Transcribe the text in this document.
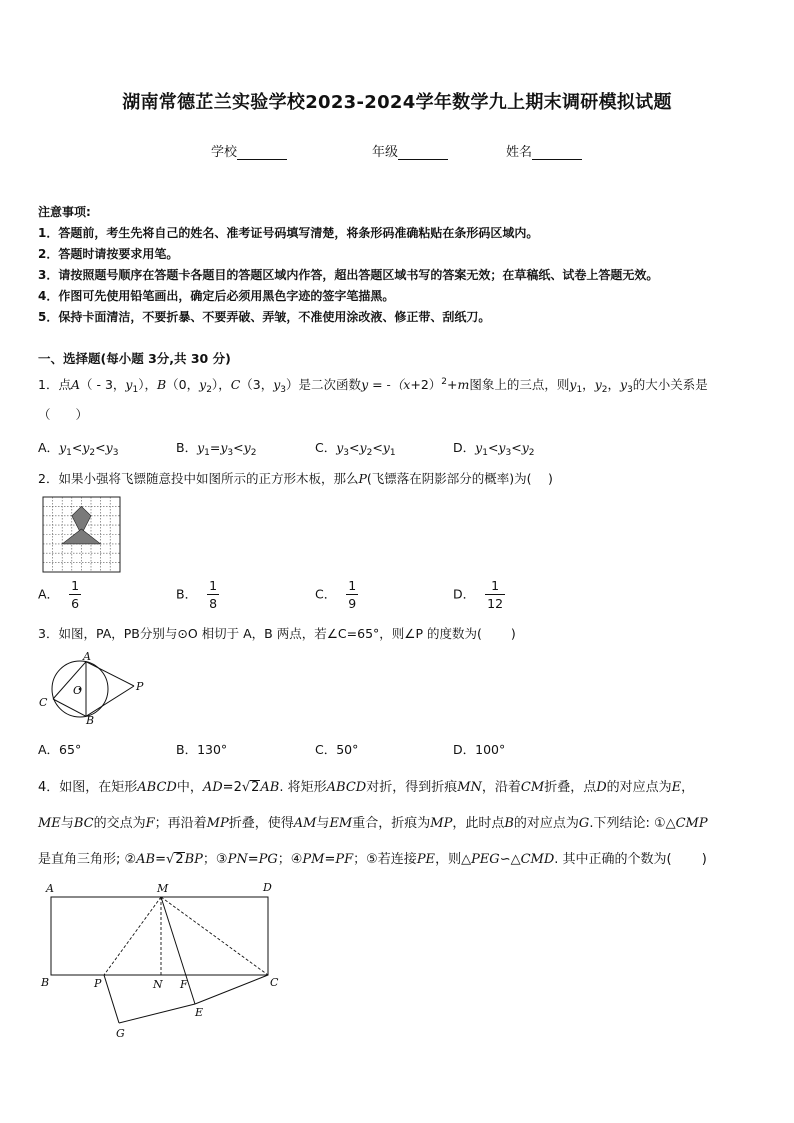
湖南常德芷兰实验学校2023-2024学年数学九上期末调研模拟试题
学校	年级	姓名
注意事项:
1．答题前，考生先将自己的姓名、准考证号码填写清楚，将条形码准确粘贴在条形码区域内。
2．答题时请按要求用笔。
3．请按照题号顺序在答题卡各题目的答题区域内作答，超出答题区域书写的答案无效；在草稿纸、试卷上答题无效。
4．作图可先使用铅笔画出，确定后必须用黑色字迹的签字笔描黑。
5．保持卡面清洁，不要折暴、不要弄破、弄皱，不准使用涂改液、修正带、刮纸刀。
一、选择题(每小题 3分,共 30 分)
1．点A（ - 3，$y_1$），B（0，$y_2$），C（3，$y_3$）是二次函数$y = -(x+2)^2+m$图象上的三点，则$y_1$，$y_2$，$y_3$的大小关系是
（　　）
A．$y_1<y_2<y_3$	B．$y_1=y_3<y_2$	C．$y_3<y_2<y_1$	D．$y_1<y_3<y_2$
2．如果小强将飞镖随意投中如图所示的正方形木板，那么P(飞镖落在阴影部分的概率)为(　 )
A． $\frac{1}{6}$	B． $\frac{1}{8}$	C． $\frac{1}{9}$	D． $\frac{1}{12}$
3．如图，PA，PB分别与⊙O 相切于 A，B 两点，若∠C=65°，则∠P 的度数为(　　 )
A
O	P
C
B
A．65°	B．130°	C．50°	D．100°
4．如图，在矩形ABCD中，AD=2√2AB. 将矩形ABCD对折，得到折痕MN，沿着CM折叠，点D的对应点为E，
ME与BC的交点为F；再沿着MP折叠，使得AM与EM重合，折痕为MP，此时点B的对应点为G.下列结论: ①△CMP
是直角三角形; ②AB=√2BP；③PN=PG；④PM=PF；⑤若连接PE，则△PEG∽△CMD. 其中正确的个数为(　　 )
A	M	D
B	P	N F	C
E
G
